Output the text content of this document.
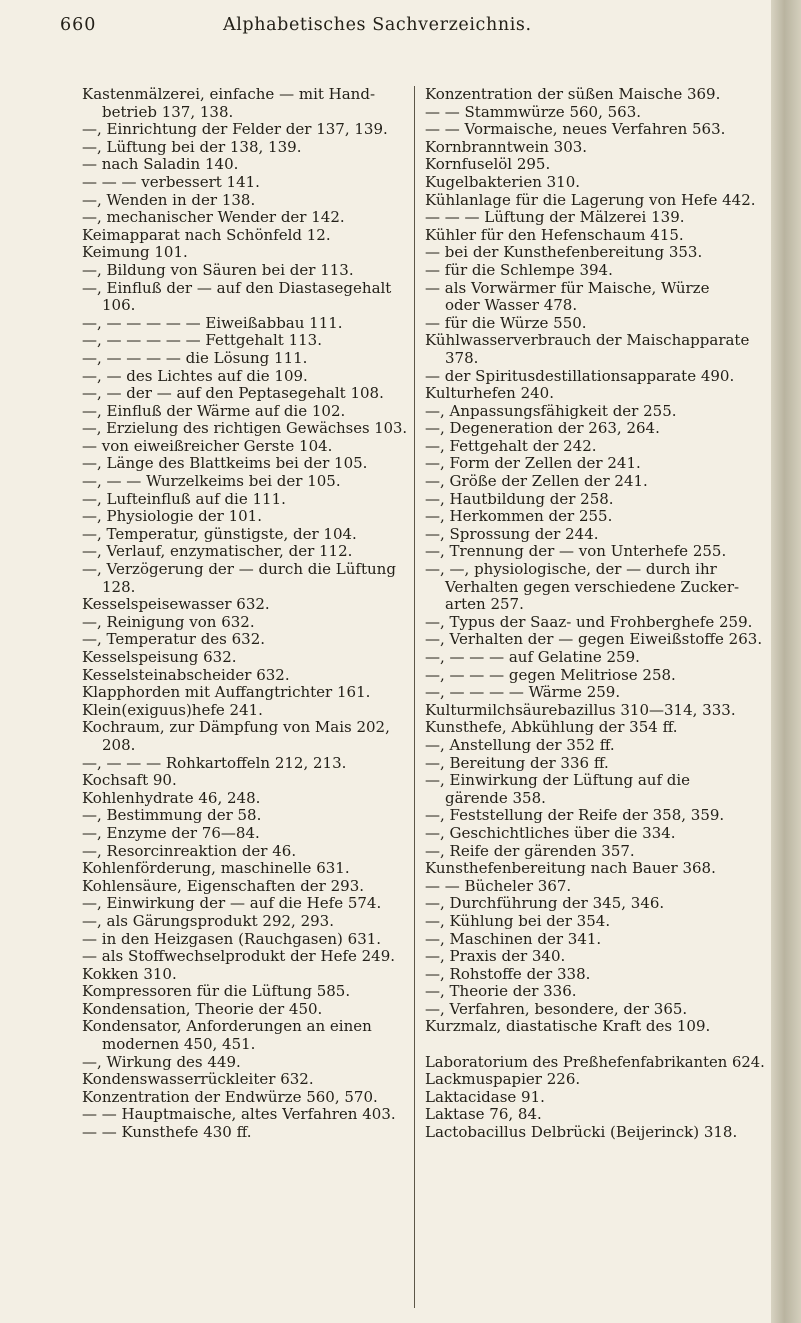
660	Alphabetisches Sachverzeichnis.
Kastenmälzerei, einfache — mit Hand-
betrieb 137, 138.
—, Einrichtung der Felder der 137, 139.
—, Lüftung bei der 138, 139.
— nach Saladin 140.
— — — verbessert 141.
—, Wenden in der 138.
—, mechanischer Wender der 142.
Keimapparat nach Schönfeld 12.
Keimung 101.
—, Bildung von Säuren bei der 113.
—, Einfluß der — auf den Diastasegehalt
106.
—, — — — — — Eiweißabbau 111.
—, — — — — — Fettgehalt 113.
—, — — — — die Lösung 111.
—, — des Lichtes auf die 109.
—, — der — auf den Peptasegehalt 108.
—, Einfluß der Wärme auf die 102.
—, Erzielung des richtigen Gewächses 103.
— von eiweißreicher Gerste 104.
—, Länge des Blattkeims bei der 105.
—, — — Wurzelkeims bei der 105.
—, Lufteinfluß auf die 111.
—, Physiologie der 101.
—, Temperatur, günstigste, der 104.
—, Verlauf, enzymatischer, der 112.
—, Verzögerung der — durch die Lüftung
128.
Kesselspeisewasser 632.
—, Reinigung von 632.
—, Temperatur des 632.
Kesselspeisung 632.
Kesselsteinabscheider 632.
Klapphorden mit Auffangtrichter 161.
Klein(exiguus)hefe 241.
Kochraum, zur Dämpfung von Mais 202,
208.
—, — — — Rohkartoffeln 212, 213.
Kochsaft 90.
Kohlenhydrate 46, 248.
—, Bestimmung der 58.
—, Enzyme der 76—84.
—, Resorcinreaktion der 46.
Kohlenförderung, maschinelle 631.
Kohlensäure, Eigenschaften der 293.
—, Einwirkung der — auf die Hefe 574.
—, als Gärungsprodukt 292, 293.
— in den Heizgasen (Rauchgasen) 631.
— als Stoffwechselprodukt der Hefe 249.
Kokken 310.
Kompressoren für die Lüftung 585.
Kondensation, Theorie der 450.
Kondensator, Anforderungen an einen
modernen 450, 451.
—, Wirkung des 449.
Kondenswasserrückleiter 632.
Konzentration der Endwürze 560, 570.
— — Hauptmaische, altes Verfahren 403.
— — Kunsthefe 430 ff.
Konzentration der süßen Maische 369.
— — Stammwürze 560, 563.
— — Vormaische, neues Verfahren 563.
Kornbranntwein 303.
Kornfuselöl 295.
Kugelbakterien 310.
Kühlanlage für die Lagerung von Hefe 442.
— — — Lüftung der Mälzerei 139.
Kühler für den Hefenschaum 415.
— bei der Kunsthefenbereitung 353.
— für die Schlempe 394.
— als Vorwärmer für Maische, Würze
oder Wasser 478.
— für die Würze 550.
Kühlwasserverbrauch der Maischapparate
378.
— der Spiritusdestillationsapparate 490.
Kulturhefen 240.
—, Anpassungsfähigkeit der 255.
—, Degeneration der 263, 264.
—, Fettgehalt der 242.
—, Form der Zellen der 241.
—, Größe der Zellen der 241.
—, Hautbildung der 258.
—, Herkommen der 255.
—, Sprossung der 244.
—, Trennung der — von Unterhefe 255.
—, —, physiologische, der — durch ihr
Verhalten gegen verschiedene Zucker-
arten 257.
—, Typus der Saaz- und Frohberghefe 259.
—, Verhalten der — gegen Eiweißstoffe 263.
—, — — — auf Gelatine 259.
—, — — — gegen Melitriose 258.
—, — — — — Wärme 259.
Kulturmilchsäurebazillus 310—314, 333.
Kunsthefe, Abkühlung der 354 ff.
—, Anstellung der 352 ff.
—, Bereitung der 336 ff.
—, Einwirkung der Lüftung auf die
gärende 358.
—, Feststellung der Reife der 358, 359.
—, Geschichtliches über die 334.
—, Reife der gärenden 357.
Kunsthefenbereitung nach Bauer 368.
— — Bücheler 367.
—, Durchführung der 345, 346.
—, Kühlung bei der 354.
—, Maschinen der 341.
—, Praxis der 340.
—, Rohstoffe der 338.
—, Theorie der 336.
—, Verfahren, besondere, der 365.
Kurzmalz, diastatische Kraft des 109.
Laboratorium des Preßhefenfabrikanten 624.
Lackmuspapier 226.
Laktacidase 91.
Laktase 76, 84.
Lactobacillus Delbrücki (Beijerinck) 318.
